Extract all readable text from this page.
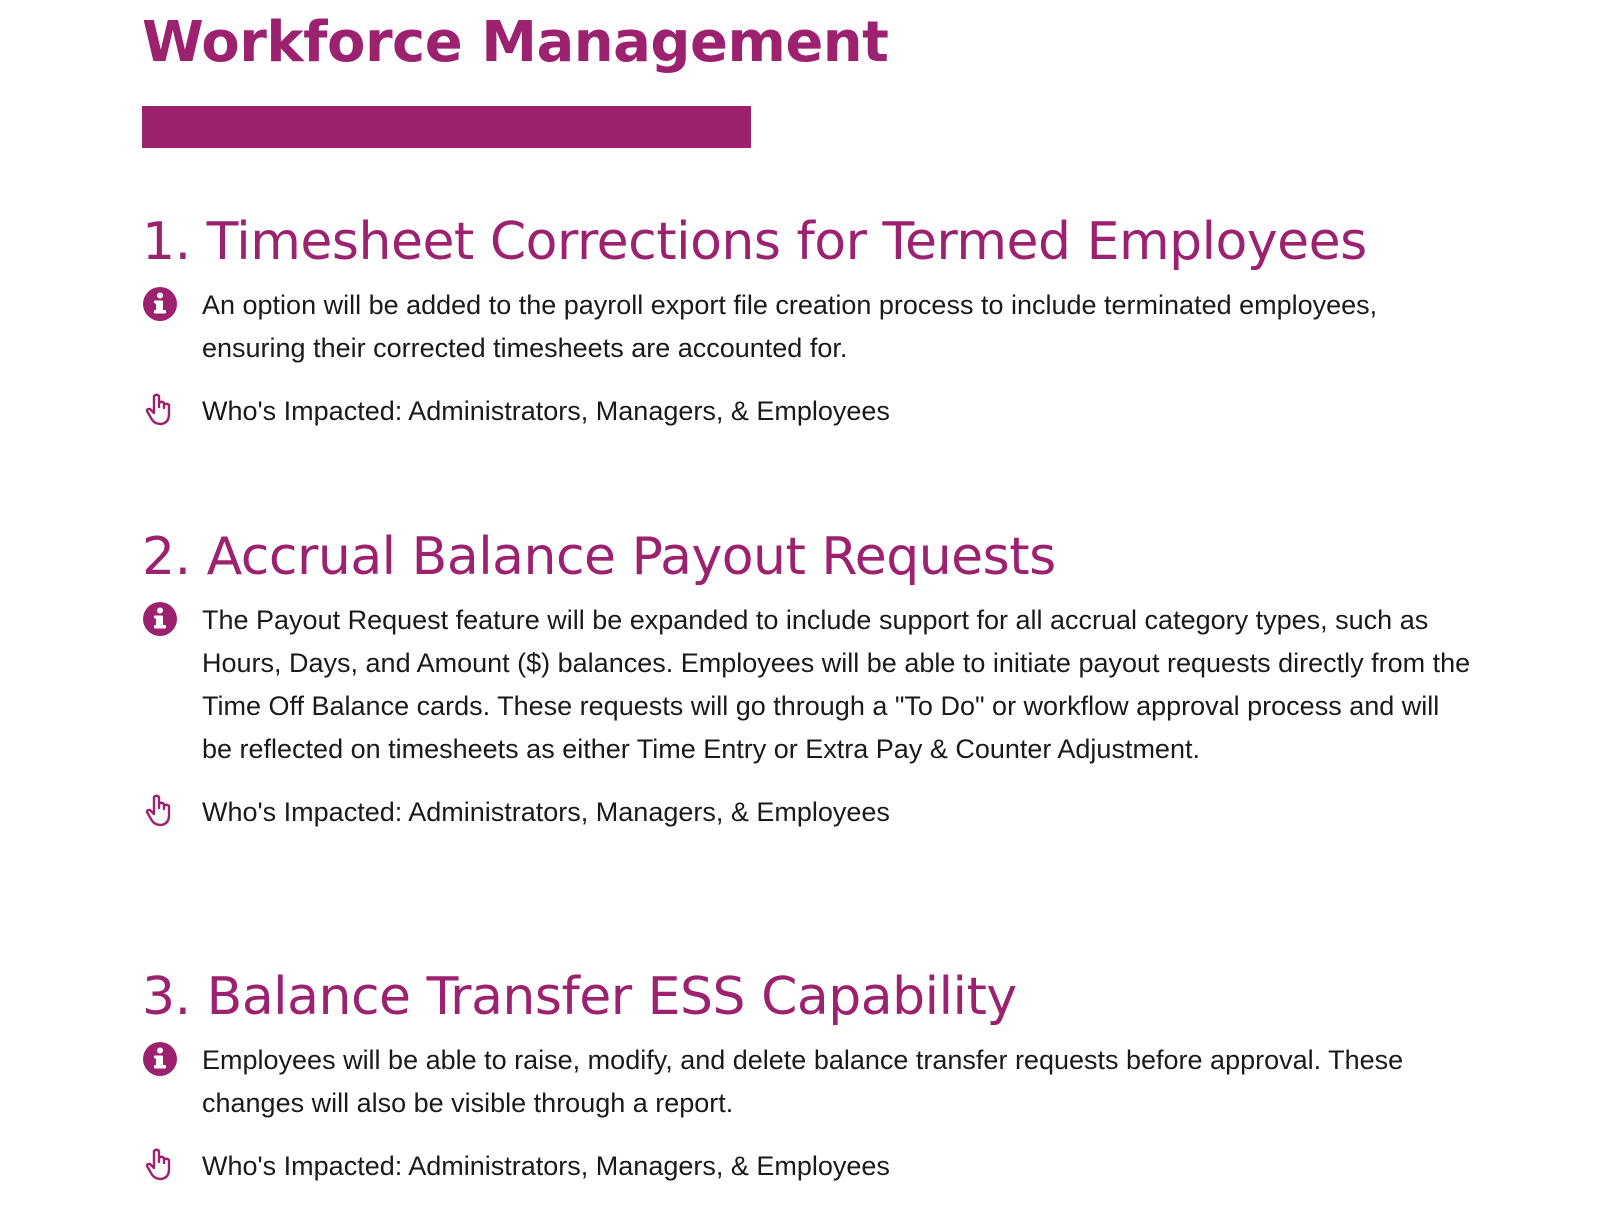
Workforce Management
1. Timesheet Corrections for Termed Employees

An option will be added to the payroll export file creation process to include terminated employees, ensuring their corrected timesheets are accounted for.

Who's Impacted: Administrators, Managers, & Employees

2. Accrual Balance Payout Requests

The Payout Request feature will be expanded to include support for all accrual category types, such as Hours, Days, and Amount ($) balances. Employees will be able to initiate payout requests directly from the Time Off Balance cards. These requests will go through a "To Do" or workflow approval process and will be reflected on timesheets as either Time Entry or Extra Pay & Counter Adjustment.

Who's Impacted: Administrators, Managers, & Employees

3. Balance Transfer ESS Capability

Employees will be able to raise, modify, and delete balance transfer requests before approval. These changes will also be visible through a report.

Who's Impacted: Administrators, Managers, & Employees
